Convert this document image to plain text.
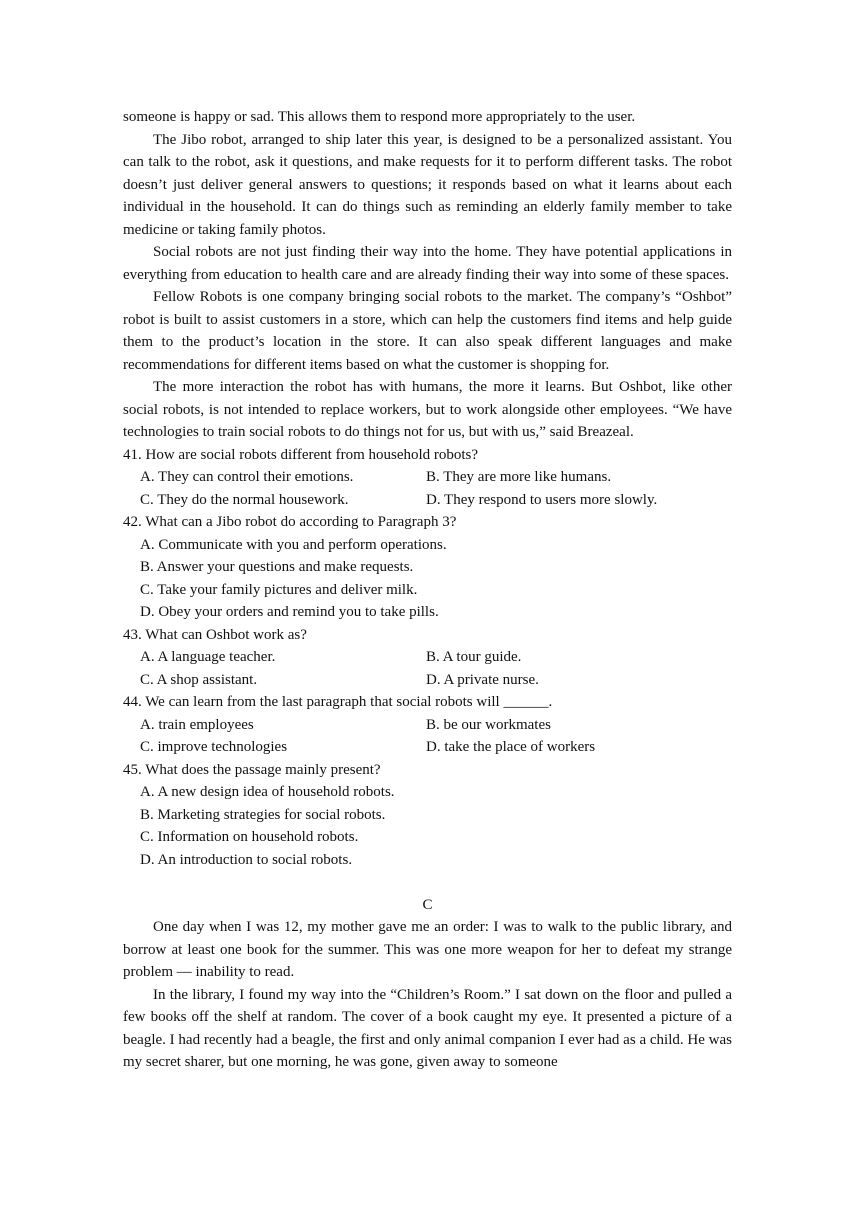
someone is happy or sad. This allows them to respond more appropriately to the user.

The Jibo robot, arranged to ship later this year, is designed to be a personalized assistant. You can talk to the robot, ask it questions, and make requests for it to perform different tasks. The robot doesn’t just deliver general answers to questions; it responds based on what it learns about each individual in the household. It can do things such as reminding an elderly family member to take medicine or taking family photos.

Social robots are not just finding their way into the home. They have potential applications in everything from education to health care and are already finding their way into some of these spaces.

Fellow Robots is one company bringing social robots to the market. The company’s “Oshbot” robot is built to assist customers in a store, which can help the customers find items and help guide them to the product’s location in the store. It can also speak different languages and make recommendations for different items based on what the customer is shopping for.

The more interaction the robot has with humans, the more it learns. But Oshbot, like other social robots, is not intended to replace workers, but to work alongside other employees. “We have technologies to train social robots to do things not for us, but with us,” said Breazeal.

41. How are social robots different from household robots?

A. They can control their emotions.	B. They are more like humans.
C. They do the normal housework.	D. They respond to users more slowly.

42. What can a Jibo robot do according to Paragraph 3?

A. Communicate with you and perform operations.
B. Answer your questions and make requests.
C. Take your family pictures and deliver milk.
D. Obey your orders and remind you to take pills.

43. What can Oshbot work as?

A. A language teacher.	B. A tour guide.
C. A shop assistant.	D. A private nurse.

44. We can learn from the last paragraph that social robots will ______.

A. train employees	B. be our workmates
C. improve technologies	D. take the place of workers

45. What does the passage mainly present?

A. A new design idea of household robots.
B. Marketing strategies for social robots.
C. Information on household robots.
D. An introduction to social robots.
C

One day when I was 12, my mother gave me an order: I was to walk to the public library, and borrow at least one book for the summer. This was one more weapon for her to defeat my strange problem — inability to read.

In the library, I found my way into the “Children’s Room.” I sat down on the floor and pulled a few books off the shelf at random. The cover of a book caught my eye. It presented a picture of a beagle. I had recently had a beagle, the first and only animal companion I ever had as a child. He was my secret sharer, but one morning, he was gone, given away to someone
